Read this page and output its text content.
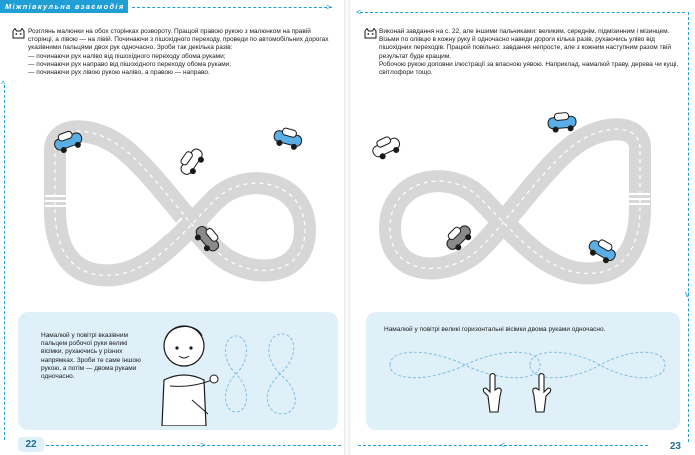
Міжпівкульна взаємодія	>
^
>

Розглянь малюнки на обох сторінках розвороту. Пращой правою рукою з малюнком на правій сторінці, а лівою — на лівій. Починаючи з пішохідного переходу, проведи по автомобільних дорогах указівними пальцями двох рук одночасно. Зроби так декілька разів:

— починаючи рух наліво від пішохідного переходу обома руками;
— починаючи рух направо від пішохідного переходу обома руками;
— починаючи рух лівою рукою наліво, а правою — направо.
Намалюй у повітрі вказівним пальцем робочої руки великі вісімки, рухаючись у різних напрямках. Зроби те саме іншою рукою, а потім — двома руками одночасно.
22
<
v
<

Виконай завдання на с. 22, але іншими пальчиками: великим, середнім, підмізинним і мізинцем. Візьми по олівцю в кожну руку й одночасно наведи дороги кілька разів, рухаючись уліво від пішохідних переходів. Працюй повільно: завдання непросте, але з кожним наступним разом твій результат буде кращим.

Робочою рукою доповни ілюстрації за власною уявою. Наприклад, намалюй траву, дерева чи кущі, світлофори тощо.

Намалюй у повітрі великі горизонтальні вісімки двома руками одночасно.
23
